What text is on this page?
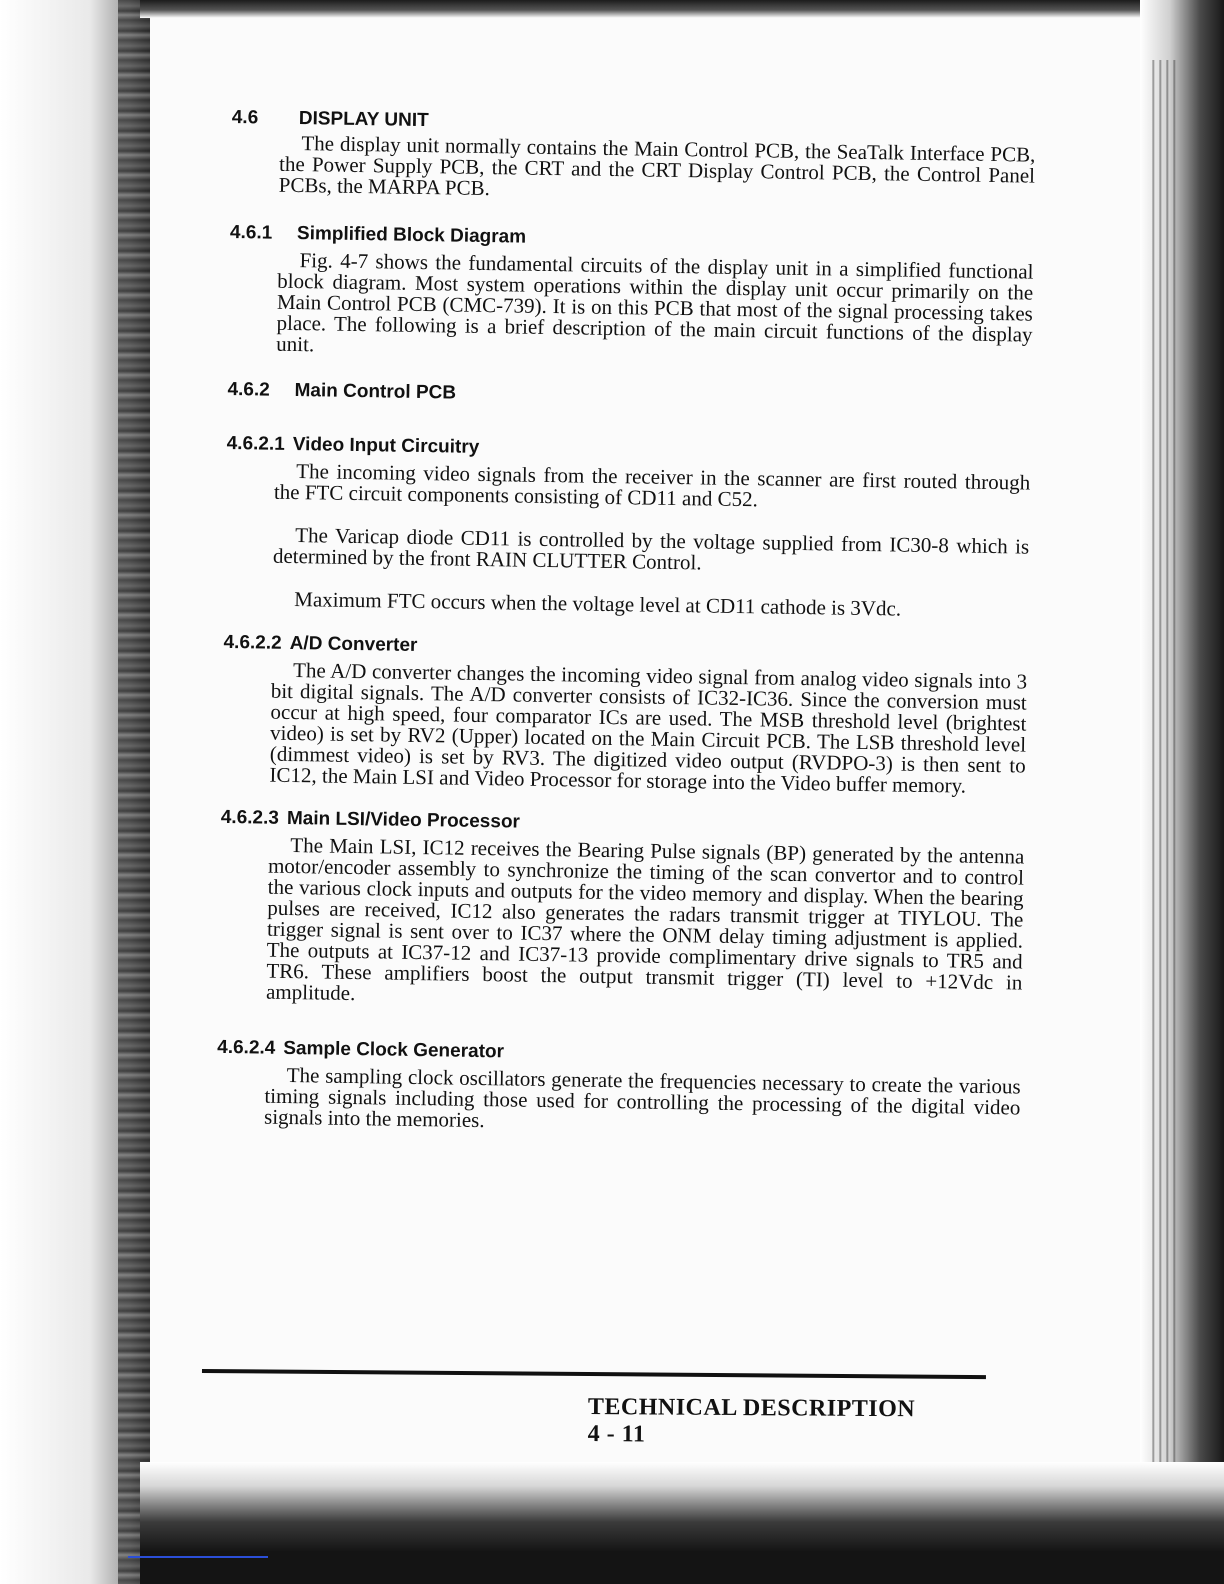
4.6	DISPLAY UNIT

The display unit normally contains the Main Control PCB, the SeaTalk Interface PCB, the Power Supply PCB, the CRT and the CRT Display Control PCB, the Control Panel PCBs, the MARPA PCB.

4.6.1 Simplified Block Diagram

Fig. 4-7 shows the fundamental circuits of the display unit in a simplified functional block diagram. Most system operations within the display unit occur primarily on the Main Control PCB (CMC-739). It is on this PCB that most of the signal processing takes place. The following is a brief description of the main circuit functions of the display unit.

4.6.2 Main Control PCB
4.6.2.1 Video Input Circuitry

The incoming video signals from the receiver in the scanner are first routed through the FTC circuit components consisting of CD11 and C52.

The Varicap diode CD11 is controlled by the voltage supplied from IC30-8 which is determined by the front RAIN CLUTTER Control.

Maximum FTC occurs when the voltage level at CD11 cathode is 3Vdc.

4.6.2.2 A/D Converter

The A/D converter changes the incoming video signal from analog video signals into 3 bit digital signals. The A/D converter consists of IC32-IC36. Since the conversion must occur at high speed, four comparator ICs are used. The MSB threshold level (brightest video) is set by RV2 (Upper) located on the Main Circuit PCB. The LSB threshold level (dimmest video) is set by RV3. The digitized video output (RVDPO-3) is then sent to IC12, the Main LSI and Video Processor for storage into the Video buffer memory.

4.6.2.3 Main LSI/Video Processor

The Main LSI, IC12 receives the Bearing Pulse signals (BP) generated by the antenna motor/encoder assembly to synchronize the timing of the scan convertor and to control the various clock inputs and outputs for the video memory and display. When the bearing pulses are received, IC12 also generates the radars transmit trigger at TIYLOU. The trigger signal is sent over to IC37 where the ONM delay timing adjustment is applied. The outputs at IC37-12 and IC37-13 provide complimentary drive signals to TR5 and TR6. These amplifiers boost the output transmit trigger (TI) level to +12Vdc in amplitude.

4.6.2.4 Sample Clock Generator

The sampling clock oscillators generate the frequencies necessary to create the various timing signals including those used for controlling the processing of the digital video signals into the memories.

TECHNICAL DESCRIPTION    4 - 11
